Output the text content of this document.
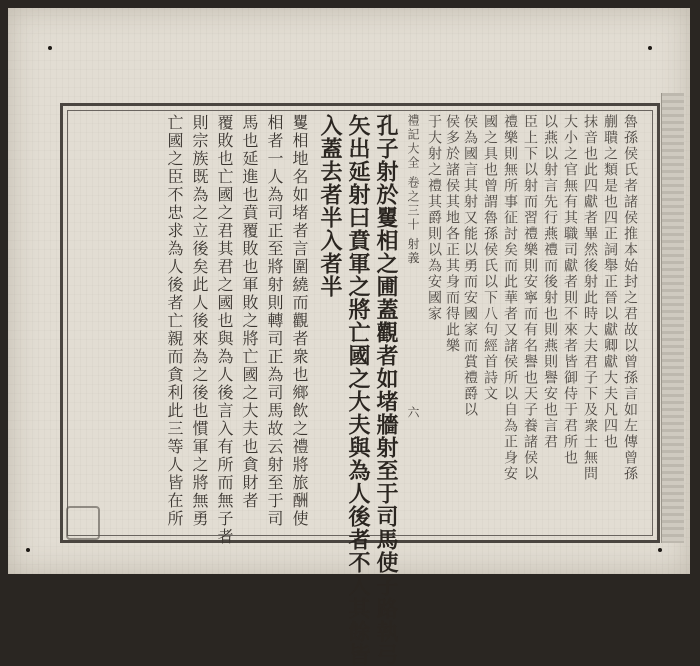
魯孫侯氏者諸侯推本始封之君故以曾孫言如左傳曾孫
蒯聵之類是也四正詞舉正晉以獻卿獻大夫凡四也
抹音也此四獻者畢然後射此時大夫君子下及衆士無問
大小之官無有其職司獻者則不來者皆御侍于君所也
以燕以射言先行燕禮而後射也則燕則譽安也言君
臣上下以射而習禮樂則安寧而有名譽也天子養諸侯以
禮樂則無所事征討矣而此華者又諸侯所以自為正身安
國之具也曾謂魯孫侯氏以下八句經首詩文
侯為國言其射又能以勇而安國家而賞禮爵以
侯多於諸侯其地各正其身而得此樂
于大射之禮其爵則以為安國家
禮記大全 卷之三十 射義
孔子射於矍相之圃蓋觀者如堵牆射至于司馬使子路執弓
矢出延射曰賁軍之將亡國之大夫與為人後者不入其餘皆
入蓋去者半入者半
矍相地名如堵者言圍繞而觀者衆也鄉飲之禮將旅酬使
相者一人為司正至將射則轉司正為司馬故云射至于司
馬也延進也賁覆敗也軍敗之將亡國之大夫也貪財者
覆敗也亡國之君其君之國也與為人後言入有所而無子者
則宗族既為之立後矣此人後來為之後也慣軍之將無勇
亡國之臣不忠求為人後者亡親而貪利此三等人皆在所	六
